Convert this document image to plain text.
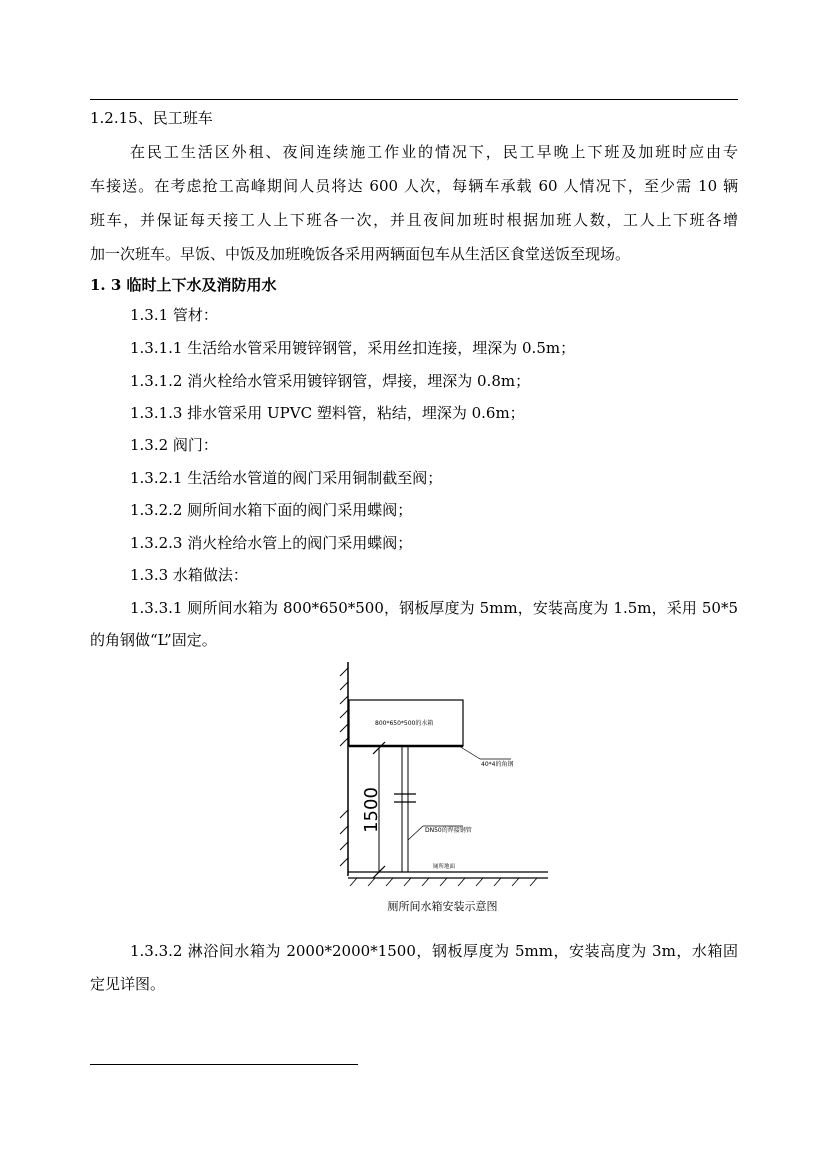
1.2.15、民工班车
在民工生活区外租、夜间连续施工作业的情况下，民工早晚上下班及加班时应由专
车接送。在考虑抢工高峰期间人员将达 600 人次，每辆车承载 60 人情况下，至少需 10 辆
班车，并保证每天接工人上下班各一次，并且夜间加班时根据加班人数，工人上下班各增
加一次班车。早饭、中饭及加班晚饭各采用两辆面包车从生活区食堂送饭至现场。
1. 3 临时上下水及消防用水
1.3.1 管材：
1.3.1.1 生活给水管采用镀锌钢管，采用丝扣连接，埋深为 0.5m；
1.3.1.2 消火栓给水管采用镀锌钢管，焊接，埋深为 0.8m；
1.3.1.3 排水管采用 UPVC 塑料管，粘结，埋深为 0.6m；
1.3.2 阀门：
1.3.2.1 生活给水管道的阀门采用铜制截至阀；
1.3.2.2 厕所间水箱下面的阀门采用蝶阀；
1.3.2.3 消火栓给水管上的阀门采用蝶阀；
1.3.3 水箱做法：
1.3.3.1 厕所间水箱为 800*650*500，钢板厚度为 5mm，安装高度为 1.5m，采用 50*5
的角钢做“L”固定。
800*650*500的水箱
40*4的角钢
1500	DN50的焊接钢管
厕所地面
厕所间水箱安装示意图
1.3.3.2 淋浴间水箱为 2000*2000*1500，钢板厚度为 5mm，安装高度为 3m，水箱固
定见详图。
